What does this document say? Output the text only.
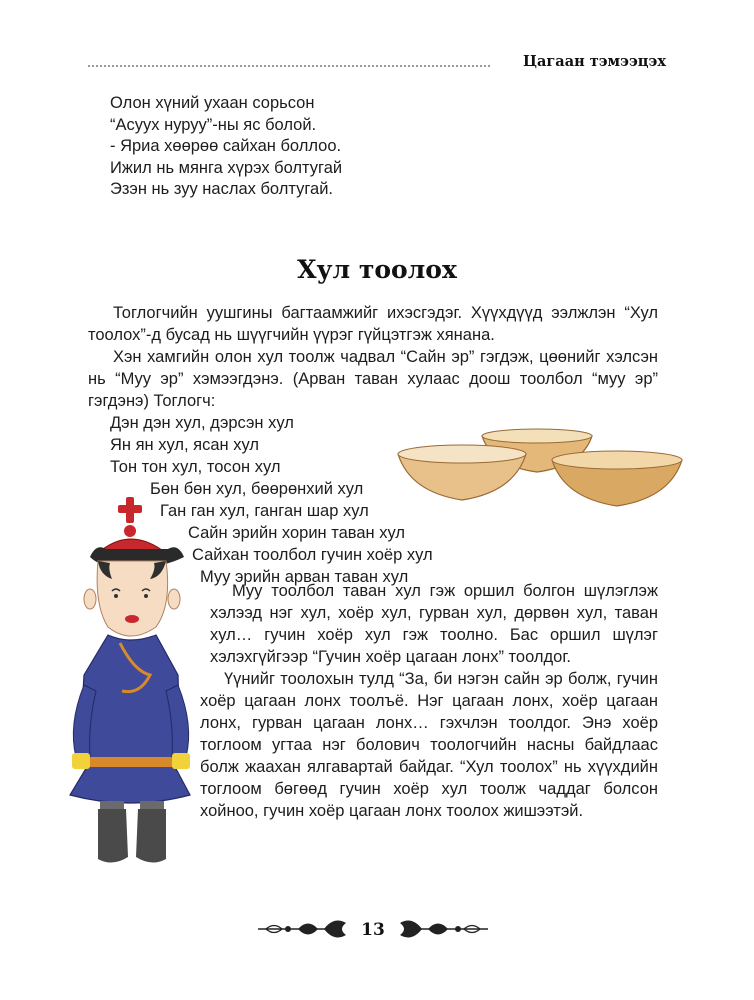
Цагаан тэмээцэх
Олон хүний ухаан сорьсон
“Асуух нуруу”-ны яс болой.
- Яриа хөөрөө сайхан боллоо.
Ижил нь мянга хүрэх болтугай
Эзэн нь зуу наслах болтугай.
Хул тоолох
Тоглогчийн уушгины багтаамжийг ихэсгэдэг. Хүүхдүүд ээлжлэн “Хул тоолох”-д бусад нь шүүгчийн үүрэг гүйцэтгэж хянана.
Хэн хамгийн олон хул тоолж чадвал “Сайн эр” гэгдэж, цөөнийг хэлсэн нь “Муу эр” хэмээгдэнэ. (Арван таван хулаас доош тоолбол “муу эр” гэгдэнэ) Тоглогч:
Дэн дэн хул, дэрсэн хул
Ян ян хул, ясан хул
Тон тон хул, тосон хул
Бөн бөн хул, бөөрөнхий хул
Ган ган хул, ганган шар хул
Сайн эрийн хорин таван хул
Сайхан тоолбол гучин хоёр хул
Муу эрийн арван таван хул
Муу тоолбол таван хул гэж оршил болгон шүлэглэж хэлээд нэг хул, хоёр хул, гурван хул, дөрвөн хул, таван хул… гучин хоёр хул гэж тоолно. Бас оршил шүлэг хэлэхгүйгээр “Гучин хоёр цагаан лонх” тоолдог.
Үүнийг тоолохын тулд “За, би нэгэн сайн эр болж, гучин хоёр цагаан лонх тоолъё. Нэг цагаан лонх, хоёр цагаан лонх, гурван цагаан лонх… гэхчлэн тоолдог. Энэ хоёр тоглоом угтаа нэг болович тоологчийн насны байдлаас болж жаахан ялгавартай байдаг. “Хул тоолох” нь хүүхдийн тоглоом бөгөөд гучин хоёр хул тоолж чаддаг болсон хойноо, гучин хоёр цагаан лонх тоолох жишээтэй.
13
